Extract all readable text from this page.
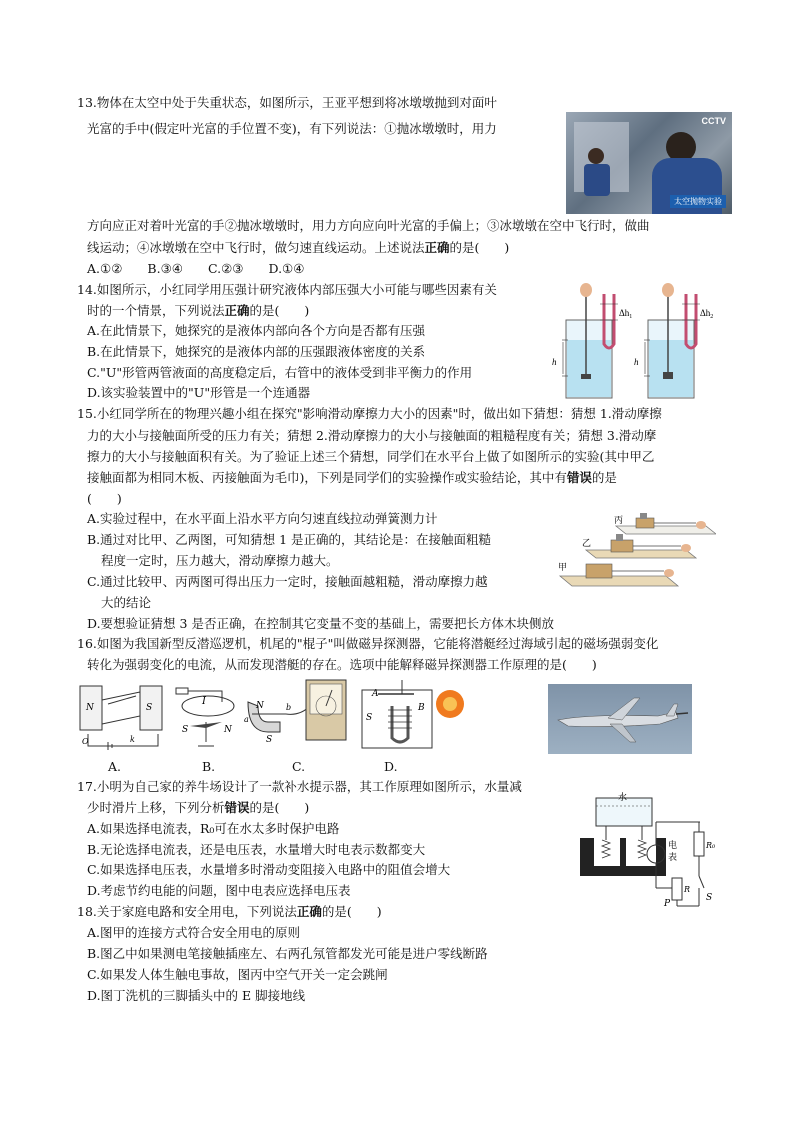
13.物体在太空中处于失重状态，如图所示，王亚平想到将冰墩墩抛到对面叶
光富的手中(假定叶光富的手位置不变)，有下列说法：①抛冰墩墩时，用力
方向应正对着叶光富的手②抛冰墩墩时，用力方向应向叶光富的手偏上；③冰墩墩在空中飞行时，做曲
线运动；④冰墩墩在空中飞行时，做匀速直线运动。上述说法正确的是(　　)
A.①②　　B.③④　　C.②③　　D.①④
CCTV
太空抛物实验
14.如图所示，小红同学用压强计研究液体内部压强大小可能与哪些因素有关
时的一个情景，下列说法正确的是(　　)
A.在此情景下，她探究的是液体内部向各个方向是否都有压强
B.在此情景下，她探究的是液体内部的压强跟液体密度的关系
C."U"形管两管液面的高度稳定后，右管中的液体受到非平衡力的作用
D.该实验装置中的"U"形管是一个连通器
h
$\Delta h_1$
h
$\Delta h_2$
15.小红同学所在的物理兴趣小组在探究"影响滑动摩擦力大小的因素"时，做出如下猜想：猜想 1.滑动摩擦
力的大小与接触面所受的压力有关；猜想 2.滑动摩擦力的大小与接触面的粗糙程度有关；猜想 3.滑动摩
擦力的大小与接触面积有关。为了验证上述三个猜想，同学们在水平台上做了如图所示的实验(其中甲乙
接触面都为相同木板、丙接触面为毛巾)，下列是同学们的实验操作或实验结论，其中有错误的是
(　　)
A.实验过程中，在水平面上沿水平方向匀速直线拉动弹簧测力计
B.通过对比甲、乙两图，可知猜想 1 是正确的，其结论是：在接触面粗糙
程度一定时，压力越大，滑动摩擦力越大。
C.通过比较甲、丙两图可得出压力一定时，接触面越粗糙，滑动摩擦力越
大的结论
D.要想验证猜想 3 是否正确，在控制其它变量不变的基础上，需要把长方体木块侧放
丙
乙
甲
16.如图为我国新型反潜巡逻机，机尾的"棍子"叫做磁异探测器，它能将潜艇经过海域引起的磁场强弱变化
转化为强弱变化的电流，从而发现潜艇的存在。选项中能解释磁异探测器工作原理的是(　　)
N	S
O	k
I
S	N
N
S
a
b
A
B
S
A.	B.	C.	D.
17.小明为自己家的养牛场设计了一款补水提示器，其工作原理如图所示，水量减
少时滑片上移，下列分析错误的是(　　)
A.如果选择电流表，R₀可在水太多时保护电路
B.无论选择电流表，还是电压表，水量增大时电表示数都变大
C.如果选择电压表，水量增多时滑动变阻接入电路中的阻值会增大
D.考虑节约电能的问题，图中电表应选择电压表
水
电
表
R₀
S
R
P
18.关于家庭电路和安全用电，下列说法正确的是(　　)
A.图甲的连接方式符合安全用电的原则
B.图乙中如果测电笔接触插座左、右两孔氖管都发光可能是进户零线断路
C.如果发人体生触电事故，图丙中空气开关一定会跳闸
D.图丁洗机的三脚插头中的 E 脚接地线
